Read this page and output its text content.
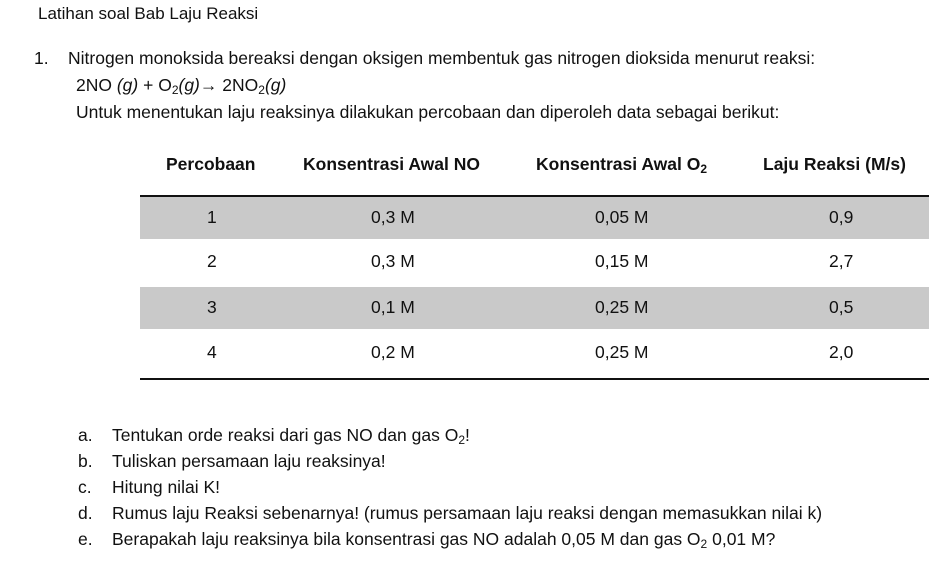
Latihan soal Bab Laju Reaksi
1. Nitrogen monoksida bereaksi dengan oksigen membentuk gas nitrogen dioksida menurut reaksi:
2NO $(g) + O_2(g)\to 2NO_2(g)$
Untuk menentukan laju reaksinya dilakukan percobaan dan diperoleh data sebagai berikut:
Percobaan	Konsentrasi Awal NO	Konsentrasi Awal $O_2$	Laju Reaksi (M/s)
1	0,3 M	0,05 M	0,9
2	0,3 M	0,15 M	2,7
3	0,1 M	0,25 M	0,5
4	0,2 M	0,25 M	2,0
a. Tentukan orde reaksi dari gas NO dan gas $O_2$!
b. Tuliskan persamaan laju reaksinya!
c. Hitung nilai K!
d. Rumus laju Reaksi sebenarnya! (rumus persamaan laju reaksi dengan memasukkan nilai k)
e. Berapakah laju reaksinya bila konsentrasi gas NO adalah 0,05 M dan gas $O_2$ 0,01 M?
